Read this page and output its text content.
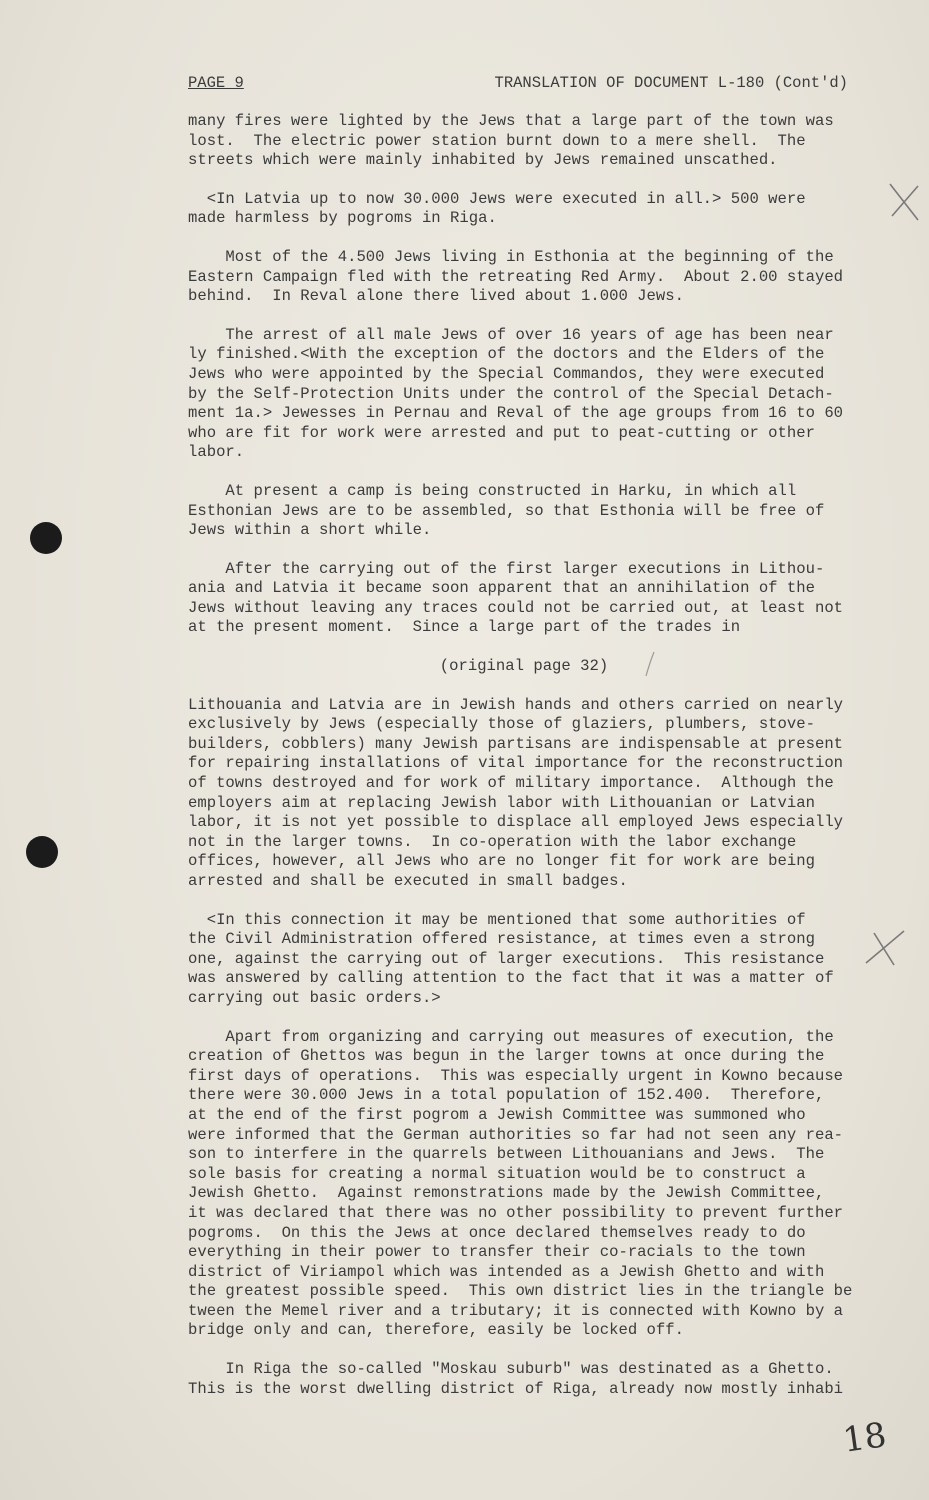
PAGE 9	TRANSLATION OF DOCUMENT L-180 (Cont'd)
many fires were lighted by the Jews that a large part of the town was
lost.  The electric power station burnt down to a mere shell.  The
streets which were mainly inhabited by Jews remained unscathed.
<In Latvia up to now 30.000 Jews were executed in all.> 500 were
made harmless by pogroms in Riga.
Most of the 4.500 Jews living in Esthonia at the beginning of the
Eastern Campaign fled with the retreating Red Army.  About 2.00 stayed
behind.  In Reval alone there lived about 1.000 Jews.
The arrest of all male Jews of over 16 years of age has been near
ly finished.<With the exception of the doctors and the Elders of the
Jews who were appointed by the Special Commandos, they were executed
by the Self-Protection Units under the control of the Special Detach-
ment 1a.> Jewesses in Pernau and Reval of the age groups from 16 to 60
who are fit for work were arrested and put to peat-cutting or other
labor.
At present a camp is being constructed in Harku, in which all
Esthonian Jews are to be assembled, so that Esthonia will be free of
Jews within a short while.
After the carrying out of the first larger executions in Lithou-
ania and Latvia it became soon apparent that an annihilation of the
Jews without leaving any traces could not be carried out, at least not
at the present moment.  Since a large part of the trades in
(original page 32)
Lithouania and Latvia are in Jewish hands and others carried on nearly
exclusively by Jews (especially those of glaziers, plumbers, stove-
builders, cobblers) many Jewish partisans are indispensable at present
for repairing installations of vital importance for the reconstruction
of towns destroyed and for work of military importance.  Although the
employers aim at replacing Jewish labor with Lithouanian or Latvian
labor, it is not yet possible to displace all employed Jews especially
not in the larger towns.  In co-operation with the labor exchange
offices, however, all Jews who are no longer fit for work are being
arrested and shall be executed in small badges.
<In this connection it may be mentioned that some authorities of
the Civil Administration offered resistance, at times even a strong
one, against the carrying out of larger executions.  This resistance
was answered by calling attention to the fact that it was a matter of
carrying out basic orders.>
Apart from organizing and carrying out measures of execution, the
creation of Ghettos was begun in the larger towns at once during the
first days of operations.  This was especially urgent in Kowno because
there were 30.000 Jews in a total population of 152.400.  Therefore,
at the end of the first pogrom a Jewish Committee was summoned who
were informed that the German authorities so far had not seen any rea-
son to interfere in the quarrels between Lithouanians and Jews.  The
sole basis for creating a normal situation would be to construct a
Jewish Ghetto.  Against remonstrations made by the Jewish Committee,
it was declared that there was no other possibility to prevent further
pogroms.  On this the Jews at once declared themselves ready to do
everything in their power to transfer their co-racials to the town
district of Viriampol which was intended as a Jewish Ghetto and with
the greatest possible speed.  This own district lies in the triangle be
tween the Memel river and a tributary; it is connected with Kowno by a
bridge only and can, therefore, easily be locked off.
In Riga the so-called "Moskau suburb" was destinated as a Ghetto.
This is the worst dwelling district of Riga, already now mostly inhabi
18
